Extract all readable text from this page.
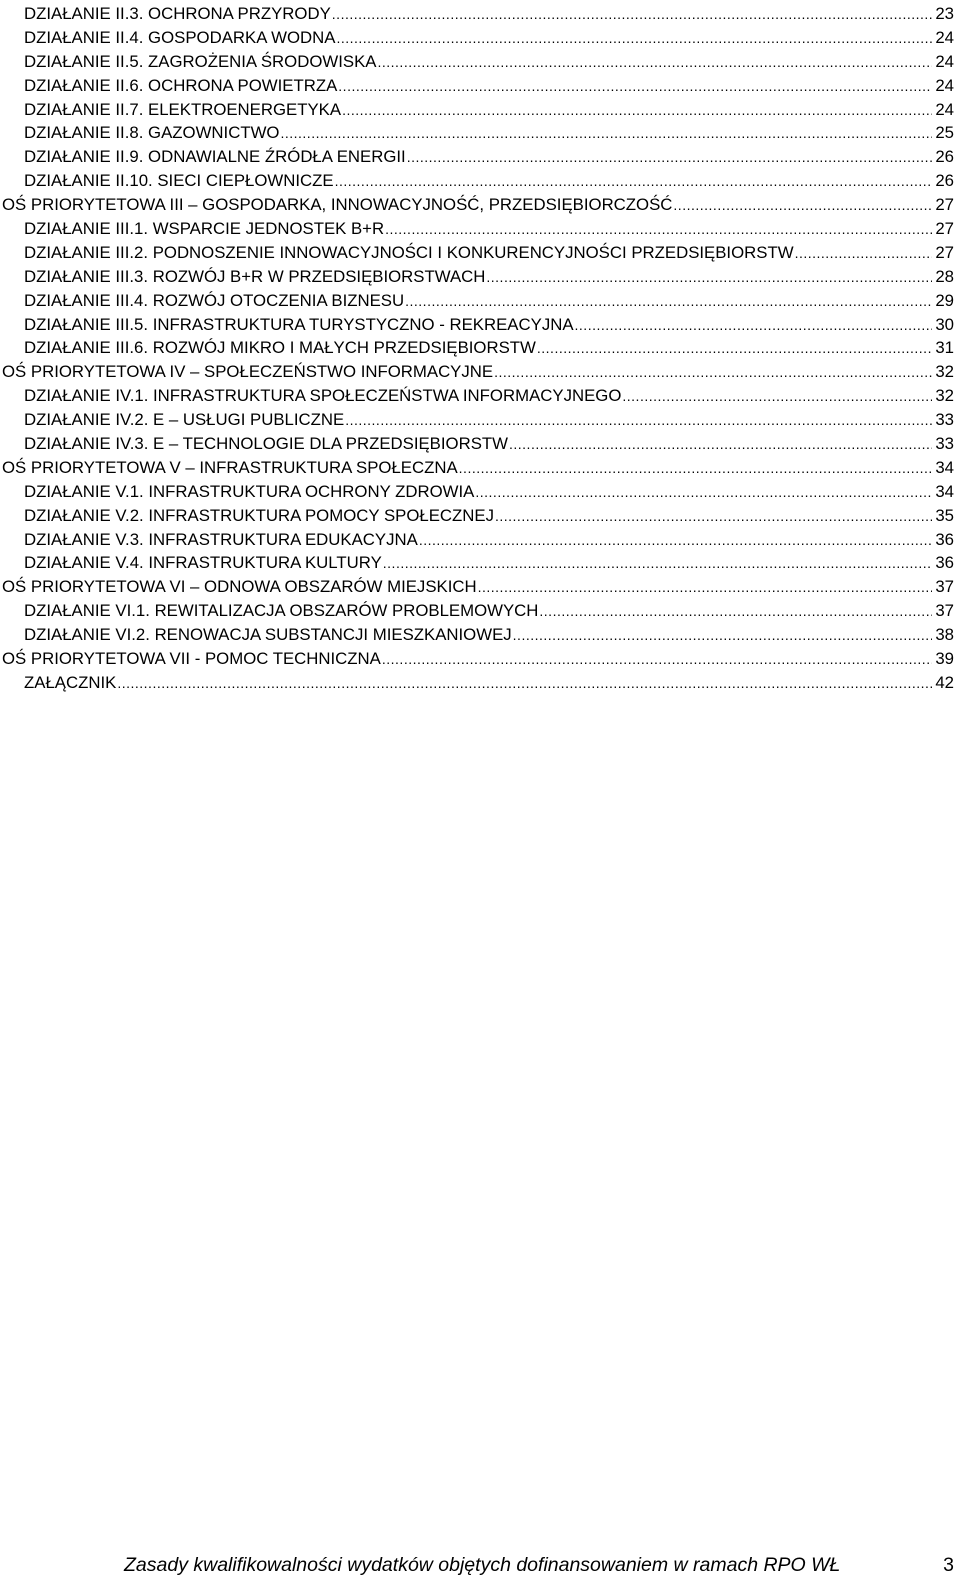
DZIAŁANIE II.3. OCHRONA PRZYRODY .....	23
DZIAŁANIE II.4. GOSPODARKA WODNA .....	24
DZIAŁANIE II.5. ZAGROŻENIA ŚRODOWISKA .....	24
DZIAŁANIE II.6. OCHRONA POWIETRZA .....	24
DZIAŁANIE II.7. ELEKTROENERGETYKA .....	24
DZIAŁANIE II.8. GAZOWNICTWO .....	25
DZIAŁANIE II.9. ODNAWIALNE ŹRÓDŁA ENERGII .....	26
DZIAŁANIE II.10. SIECI CIEPŁOWNICZE .....	26
OŚ PRIORYTETOWA III – GOSPODARKA, INNOWACYJNOŚĆ, PRZEDSIĘBIORCZOŚĆ .....	27
DZIAŁANIE III.1. WSPARCIE JEDNOSTEK B+R .....	27
DZIAŁANIE III.2. PODNOSZENIE INNOWACYJNOŚCI I KONKURENCYJNOŚCI PRZEDSIĘBIORSTW .....	27
DZIAŁANIE III.3. ROZWÓJ B+R W PRZEDSIĘBIORSTWACH .....	28
DZIAŁANIE III.4. ROZWÓJ OTOCZENIA BIZNESU .....	29
DZIAŁANIE III.5. INFRASTRUKTURA TURYSTYCZNO - REKREACYJNA .....	30
DZIAŁANIE III.6. ROZWÓJ MIKRO I MAŁYCH PRZEDSIĘBIORSTW .....	31
OŚ PRIORYTETOWA IV – SPOŁECZEŃSTWO INFORMACYJNE .....	32
DZIAŁANIE IV.1. INFRASTRUKTURA SPOŁECZEŃSTWA INFORMACYJNEGO .....	32
DZIAŁANIE IV.2. E – USŁUGI PUBLICZNE .....	33
DZIAŁANIE IV.3. E – TECHNOLOGIE DLA PRZEDSIĘBIORSTW .....	33
OŚ PRIORYTETOWA V – INFRASTRUKTURA SPOŁECZNA .....	34
DZIAŁANIE V.1. INFRASTRUKTURA OCHRONY ZDROWIA .....	34
DZIAŁANIE V.2. INFRASTRUKTURA POMOCY SPOŁECZNEJ .....	35
DZIAŁANIE V.3. INFRASTRUKTURA EDUKACYJNA .....	36
DZIAŁANIE V.4. INFRASTRUKTURA KULTURY .....	36
OŚ PRIORYTETOWA VI – ODNOWA OBSZARÓW MIEJSKICH .....	37
DZIAŁANIE VI.1. REWITALIZACJA OBSZARÓW PROBLEMOWYCH .....	37
DZIAŁANIE VI.2. RENOWACJA SUBSTANCJI MIESZKANIOWEJ .....	38
OŚ PRIORYTETOWA VII - POMOC TECHNICZNA .....	39
ZAŁĄCZNIK .....	42
Zasady kwalifikowalności wydatków objętych dofinansowaniem w ramach RPO WŁ	3
